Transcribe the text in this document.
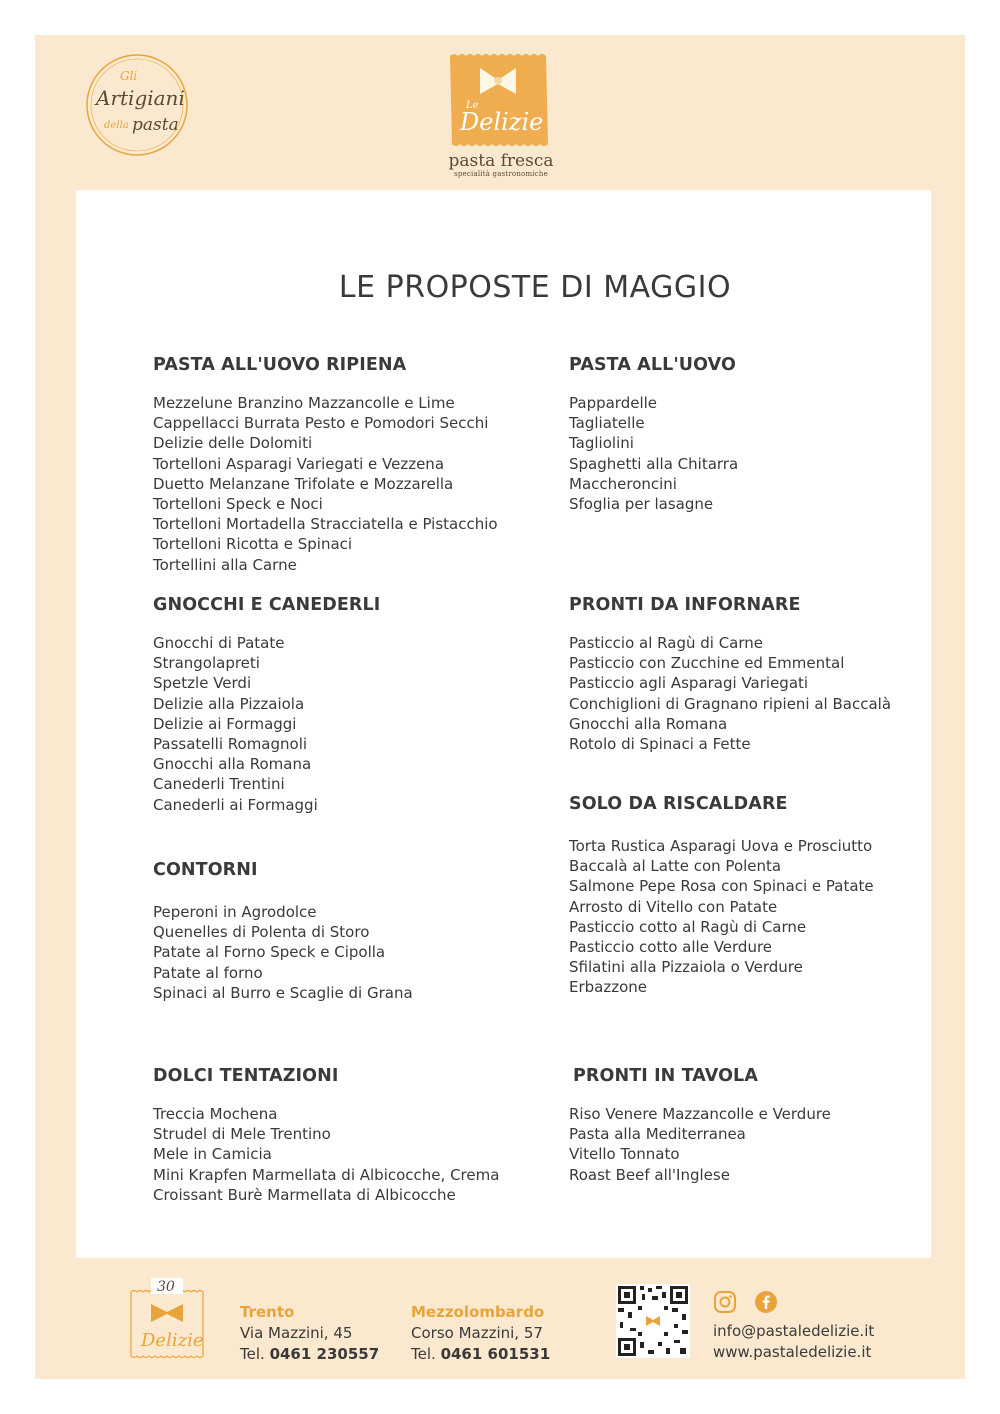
Gli
Artigiani
della pasta
Le
Delizie
pasta fresca
specialità gastronomiche
LE PROPOSTE DI MAGGIO
PASTA ALL'UOVO RIPIENA
Mezzelune Branzino Mazzancolle e Lime
Cappellacci Burrata Pesto e Pomodori Secchi
Delizie delle Dolomiti
Tortelloni Asparagi Variegati e Vezzena
Duetto Melanzane Trifolate e Mozzarella
Tortelloni Speck e Noci
Tortelloni Mortadella Stracciatella e Pistacchio
Tortelloni Ricotta e Spinaci
Tortellini alla Carne
PASTA ALL'UOVO
Pappardelle
Tagliatelle
Tagliolini
Spaghetti alla Chitarra
Maccheroncini
Sfoglia per lasagne
GNOCCHI E CANEDERLI
Gnocchi di Patate
Strangolapreti
Spetzle Verdi
Delizie alla Pizzaiola
Delizie ai Formaggi
Passatelli Romagnoli
Gnocchi alla Romana
Canederli Trentini
Canederli ai Formaggi
PRONTI DA INFORNARE
Pasticcio al Ragù di Carne
Pasticcio con Zucchine ed Emmental
Pasticcio agli Asparagi Variegati
Conchiglioni di Gragnano ripieni al Baccalà
Gnocchi alla Romana
Rotolo di Spinaci a Fette
SOLO DA RISCALDARE
Torta Rustica Asparagi Uova e Prosciutto
Baccalà al Latte con Polenta
Salmone Pepe Rosa con Spinaci e Patate
Arrosto di Vitello con Patate
Pasticcio cotto al Ragù di Carne
Pasticcio cotto alle Verdure
Sfilatini alla Pizzaiola o Verdure
Erbazzone
CONTORNI
Peperoni in Agrodolce
Quenelles di Polenta di Storo
Patate al Forno Speck e Cipolla
Patate al forno
Spinaci al Burro e Scaglie di Grana
DOLCI TENTAZIONI
Treccia Mochena
Strudel di Mele Trentino
Mele in Camicia
Mini Krapfen Marmellata di Albicocche, Crema
Croissant Burè Marmellata di Albicocche
PRONTI IN TAVOLA
Riso Venere Mazzancolle e Verdure
Pasta alla Mediterranea
Vitello Tonnato
Roast Beef all'Inglese
30
Delizie
Trento
Via Mazzini, 45
Tel. 0461 230557
Mezzolombardo
Corso Mazzini, 57
Tel. 0461 601531

info@pastaledelizie.it
www.pastaledelizie.it
